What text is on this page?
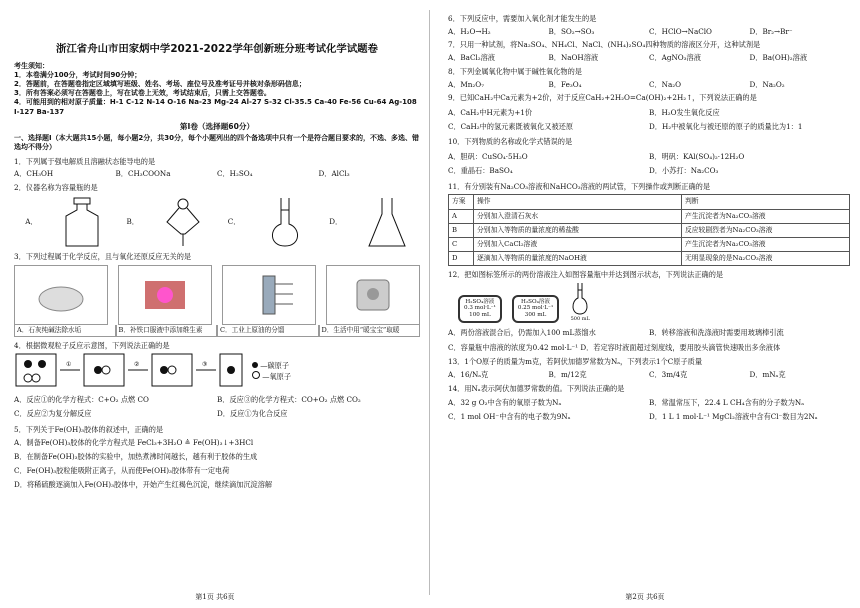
浙江省舟山市田家炳中学2021-2022学年创新班分班考试化学试题卷
考生须知：
1．本卷满分100分，考试时间90分钟；
2．答题前，在答题卷指定区域填写班级、姓名、考场、座位号及准考证号并核对条形码信息；
3．所有答案必须写在答题卷上，写在试卷上无效，考试结束后，只需上交答题卷。
4．可能用到的相对原子质量：H-1 C-12 N-14 O-16 Na-23 Mg-24 Al-27 S-32 Cl-35.5 Ca-40 Fe-56 Cu-64 Ag-108 I-127 Ba-137
第Ⅰ卷（选择题60分）
一、选择题Ⅰ（本大题共15小题，每小题2分，共30分，每个小题列出的四个备选项中只有一个是符合题目要求的，不选、多选、错选均不得分）
1．下列属于强电解质且溶融状态能导电的是
A．CH₃OH	B．CH₃COONa	C．H₂SO₄	D．AlCl₃
2．仪器名称为容量瓶的是
A．	B．	C．	D．
3．下列过程属于化学反应，且与氧化还原反应无关的是
A．石灰纯碱法除水垢	B．补铁口服液中添加维生素	C．工业上原油的分馏	D．生活中用“暖宝宝”取暖
4．根据微观粒子反应示意图，下列说法正确的是
①	②	③	—碳原子
—氧原子
A．反应①的化学方程式：C+O₂ 点燃 CO	B．反应③的化学方程式：CO+O₂ 点燃 CO₂
C．反应②为复分解反应	D．反应①为化合反应
5．下列关于Fe(OH)₃胶体的叙述中，正确的是
A．制备Fe(OH)₃胶体的化学方程式是 FeCl₃+3H₂O ≜ Fe(OH)₃↓+3HCl
B．在制备Fe(OH)₃胶体的实验中，加热煮沸时间越长，越有利于胶体的生成
C．Fe(OH)₃胶粒能吸附正离子，从而使Fe(OH)₃胶体带有一定电荷
D．将稀硫酸逐滴加入Fe(OH)₃胶体中，开始产生红褐色沉淀，继续滴加沉淀溶解
第1页 共6页
6．下列反应中，需要加入氧化剂才能发生的是
A．H₂O→H₂	B．SO₂→SO₃	C．HClO→NaClO	D．Br₂→Br⁻
7．只用一种试剂，将Na₂SO₄、NH₄Cl、NaCl、(NH₄)₂SO₄四种物质的溶液区分开，这种试剂是
A．BaCl₂溶液	B．NaOH溶液	C．AgNO₃溶液	D．Ba(OH)₂溶液
8．下列金属氧化物中属于碱性氧化物的是
A．Mn₂O₇	B．Fe₃O₄	C．Na₂O	D．Na₂O₂
9．已知CaH₂中Ca元素为+2价，对于反应CaH₂+2H₂O=Ca(OH)₂+2H₂↑，下列说法正确的是
A．CaH₂中H元素为+1价	B．H₂O发生氧化反应
C．CaH₂中的氢元素既被氧化又被还原	D．H₂中被氧化与被还原的原子的质量比为1：1
10．下列物质的名称或化学式错误的是
A．胆矾：CuSO₄·5H₂O	B．明矾：KAl(SO₄)₂·12H₂O
C．重晶石：BaSO₄	D．小苏打：Na₂CO₃
11．有分别装有Na₂CO₃溶液和NaHCO₃溶液的两试管，下列操作或判断正确的是
方案	操作	判断
A	分别加入澄清石灰水	产生沉淀者为Na₂CO₃溶液
B	分别加入等物质的量浓度的稀盐酸	反应较剧烈者为Na₂CO₃溶液
C	分别加入CaCl₂溶液	产生沉淀者为Na₂CO₃溶液
D	逐滴加入等物质的量浓度的NaOH液	无明显现象的是Na₂CO₃溶液
12．把如图标签所示的两份溶液注入如图容量瓶中并达到图示状态，下列说法正确的是
H₂SO₄溶液
0.3 mol·L⁻¹
100 mL
H₂SO₄溶液
0.25 mol·L⁻¹
300 mL
500 mL
A．两份溶液混合后，仍需加入100 mL蒸馏水	B．转移溶液和洗涤液时需要用玻璃棒引流
C．容量瓶中溶液的浓度为0.42 mol·L⁻¹ D．若定容时液面超过刻度线，要用胶头滴管快速吸出多余液体
13．1个O原子的质量为m克，若阿伏加德罗常数为Nₐ，下列表示1个C原子质量
A．16/Nₐ克	B．m/12克	C．3m/4克	D．mNₐ克
14．用Nₐ表示阿伏加德罗常数的值。下列说法正确的是
A．32 g O₂中含有的氧原子数为Nₐ	B．常温常压下，22.4 L CH₄含有的分子数为Nₐ
C．1 mol OH⁻中含有的电子数为9Nₐ	D．1 L 1 mol·L⁻¹ MgCl₂溶液中含有Cl⁻数目为2Nₐ
第2页 共6页
